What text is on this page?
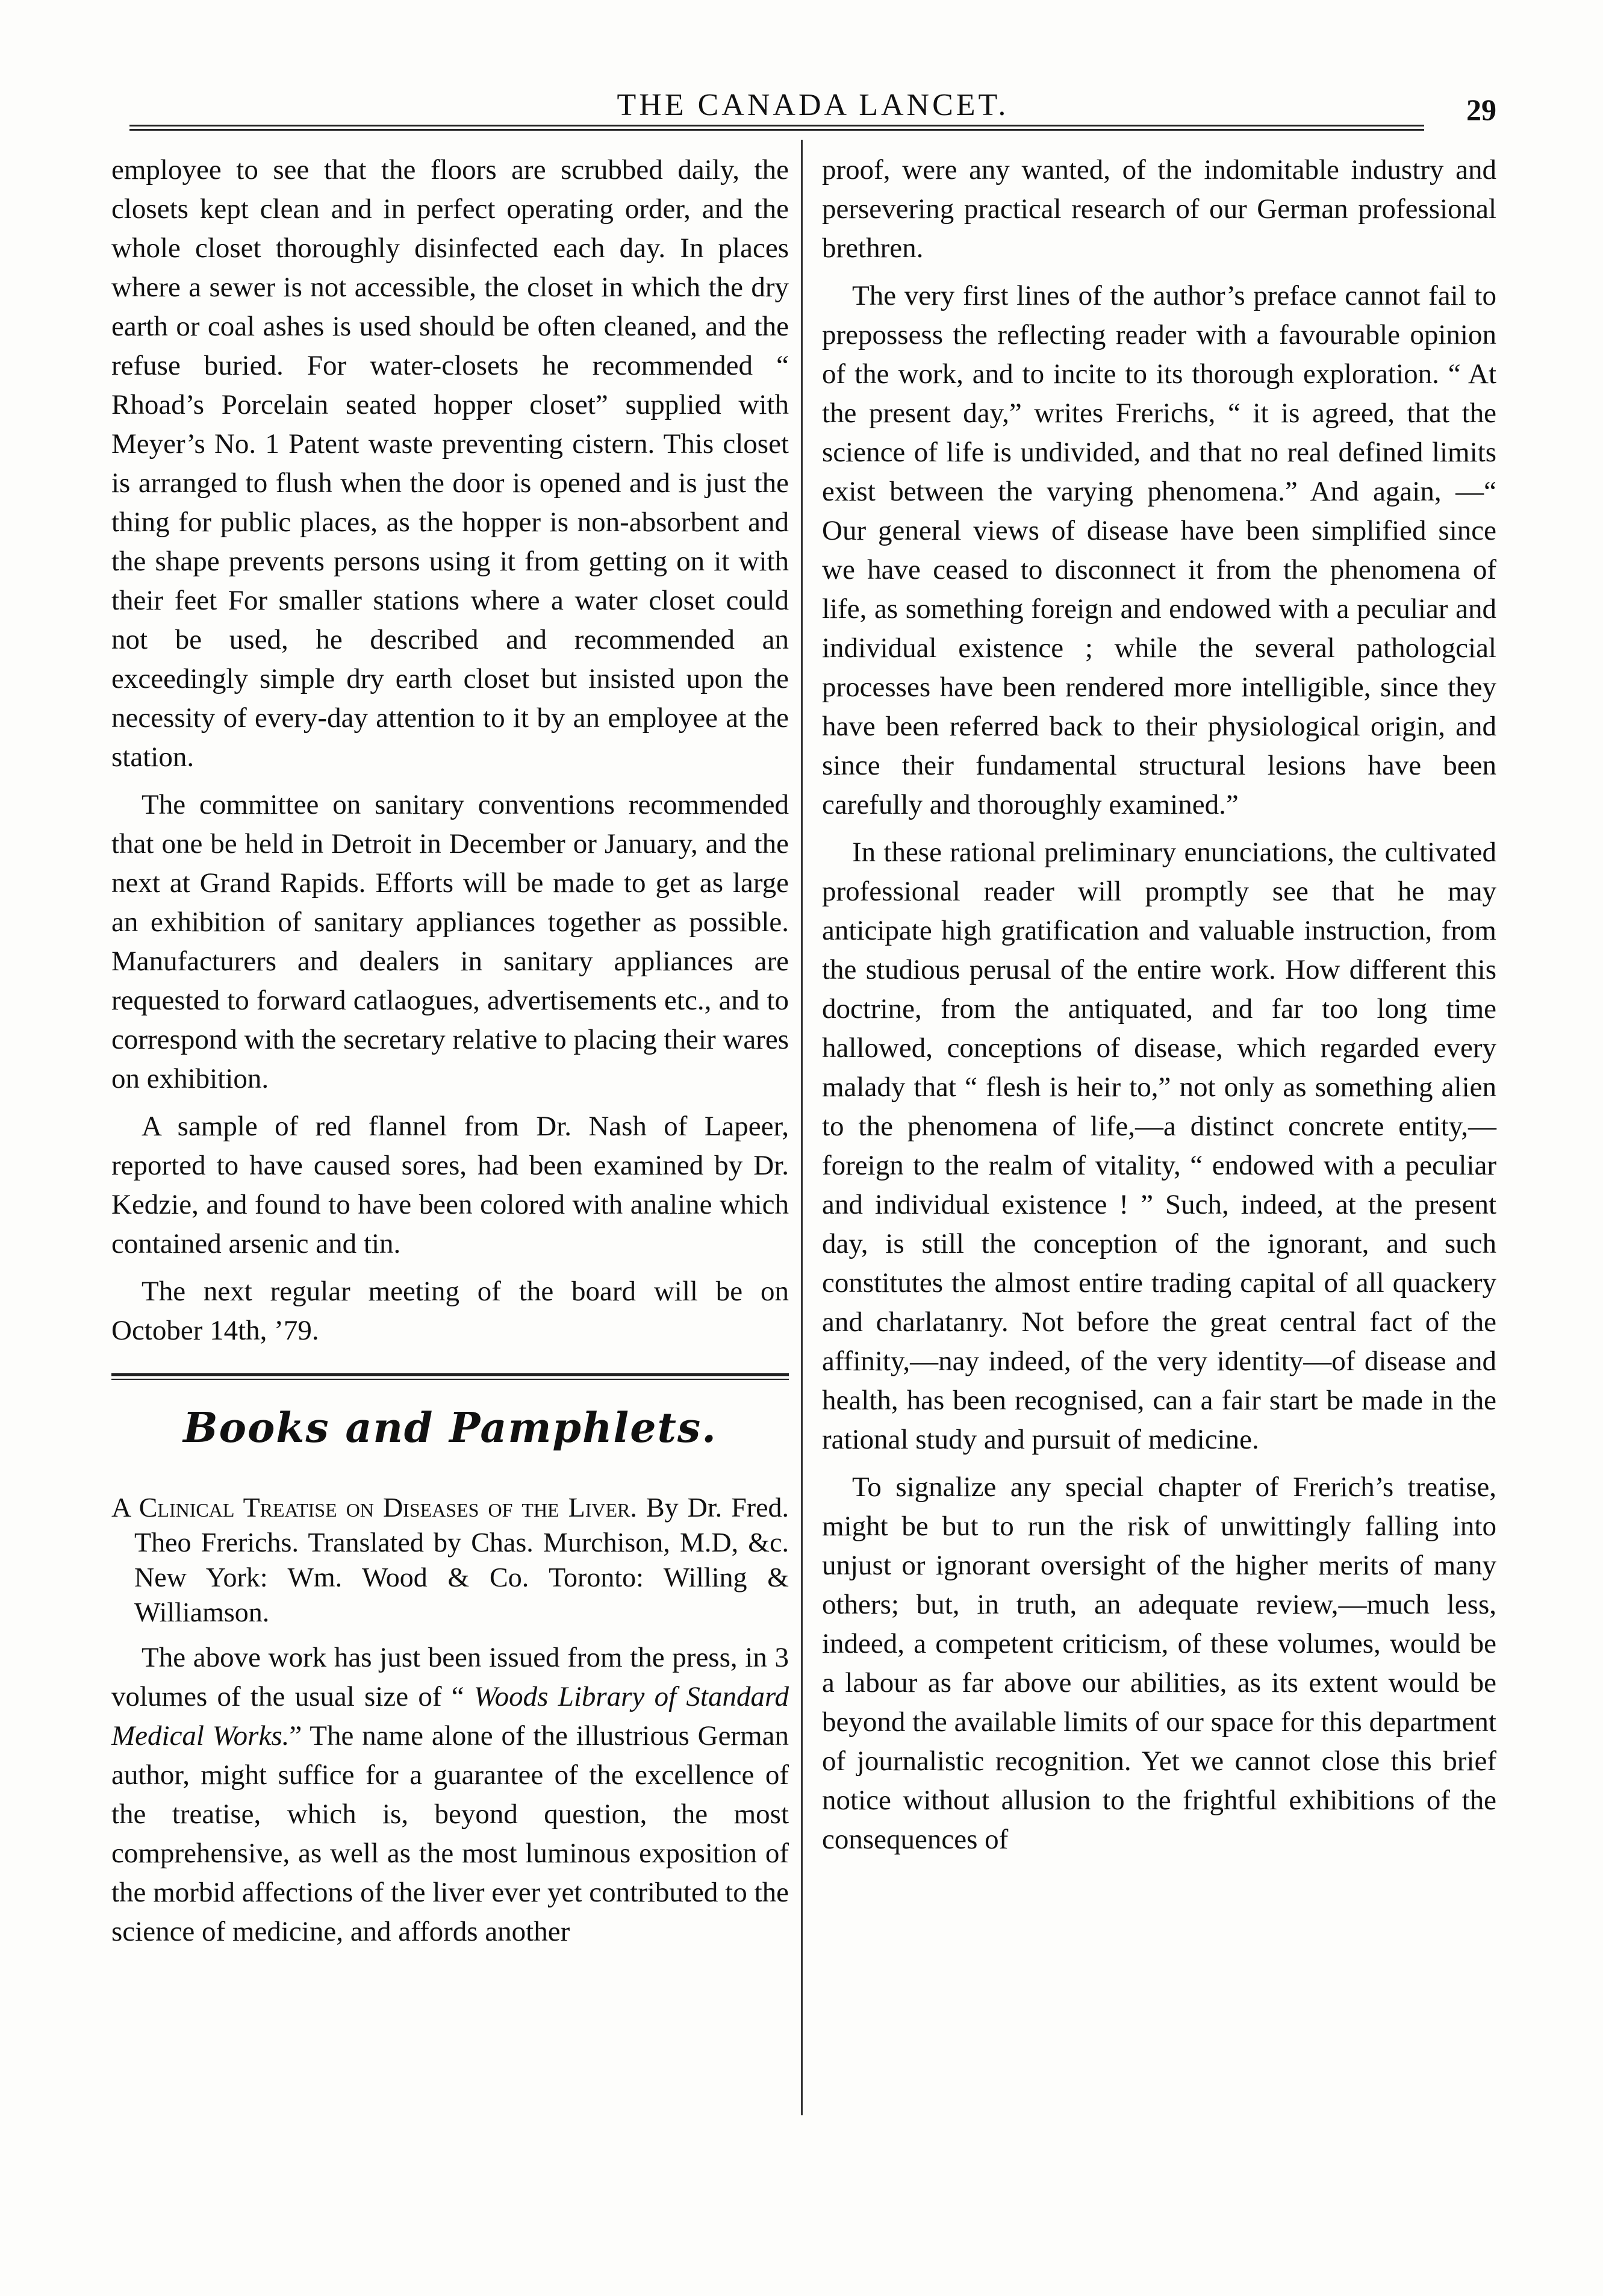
THE CANADA LANCET.	29

employee to see that the floors are scrubbed daily, the closets kept clean and in perfect operating order, and the whole closet thoroughly disinfected each day. In places where a sewer is not accessible, the closet in which the dry earth or coal ashes is used should be often cleaned, and the refuse buried. For water-closets he recommended “ Rhoad’s Porcelain seated hopper closet” supplied with Meyer’s No. 1 Patent waste preventing cistern. This closet is arranged to flush when the door is opened and is just the thing for public places, as the hopper is non-absorbent and the shape prevents persons using it from getting on it with their feet For smaller stations where a water closet could not be used, he described and recommended an exceedingly simple dry earth closet but insisted upon the necessity of every-day attention to it by an employee at the station.

The committee on sanitary conventions recommended that one be held in Detroit in December or January, and the next at Grand Rapids. Efforts will be made to get as large an exhibition of sanitary appliances together as possible. Manufacturers and dealers in sanitary appliances are requested to forward catlaogues, advertisements etc., and to correspond with the secretary relative to placing their wares on exhibition.

A sample of red flannel from Dr. Nash of Lapeer, reported to have caused sores, had been examined by Dr. Kedzie, and found to have been colored with analine which contained arsenic and tin.

The next regular meeting of the board will be on October 14th, ’79.

Books and Pamphlets.

A Clinical Treatise on Diseases of the Liver. By Dr. Fred. Theo Frerichs. Translated by Chas. Murchison, M.D, &c. New York: Wm. Wood & Co. Toronto: Willing & Williamson.

The above work has just been issued from the press, in 3 volumes of the usual size of “ Woods Library of Standard Medical Works.” The name alone of the illustrious German author, might suffice for a guarantee of the excellence of the treatise, which is, beyond question, the most comprehensive, as well as the most luminous exposition of the morbid affections of the liver ever yet contributed to the science of medicine, and affords another

proof, were any wanted, of the indomitable industry and persevering practical research of our German professional brethren.

The very first lines of the author’s preface cannot fail to prepossess the reflecting reader with a favourable opinion of the work, and to incite to its thorough exploration. “ At the present day,” writes Frerichs, “ it is agreed, that the science of life is undivided, and that no real defined limits exist between the varying phenomena.” And again, —“ Our general views of disease have been simplified since we have ceased to disconnect it from the phenomena of life, as something foreign and endowed with a peculiar and individual existence ; while the several pathologcial processes have been rendered more intelligible, since they have been referred back to their physiological origin, and since their fundamental structural lesions have been carefully and thoroughly examined.”

In these rational preliminary enunciations, the cultivated professional reader will promptly see that he may anticipate high gratification and valuable instruction, from the studious perusal of the entire work. How different this doctrine, from the antiquated, and far too long time hallowed, conceptions of disease, which regarded every malady that “ flesh is heir to,” not only as something alien to the phenomena of life,—a distinct concrete entity,—foreign to the realm of vitality, “ endowed with a peculiar and individual existence ! ” Such, indeed, at the present day, is still the conception of the ignorant, and such constitutes the almost entire trading capital of all quackery and charlatanry. Not before the great central fact of the affinity,—nay indeed, of the very identity—of disease and health, has been recognised, can a fair start be made in the rational study and pursuit of medicine.

To signalize any special chapter of Frerich’s treatise, might be but to run the risk of unwittingly falling into unjust or ignorant oversight of the higher merits of many others; but, in truth, an adequate review,—much less, indeed, a competent criticism, of these volumes, would be a labour as far above our abilities, as its extent would be beyond the available limits of our space for this department of journalistic recognition. Yet we cannot close this brief notice without allusion to the frightful exhibitions of the consequences of
